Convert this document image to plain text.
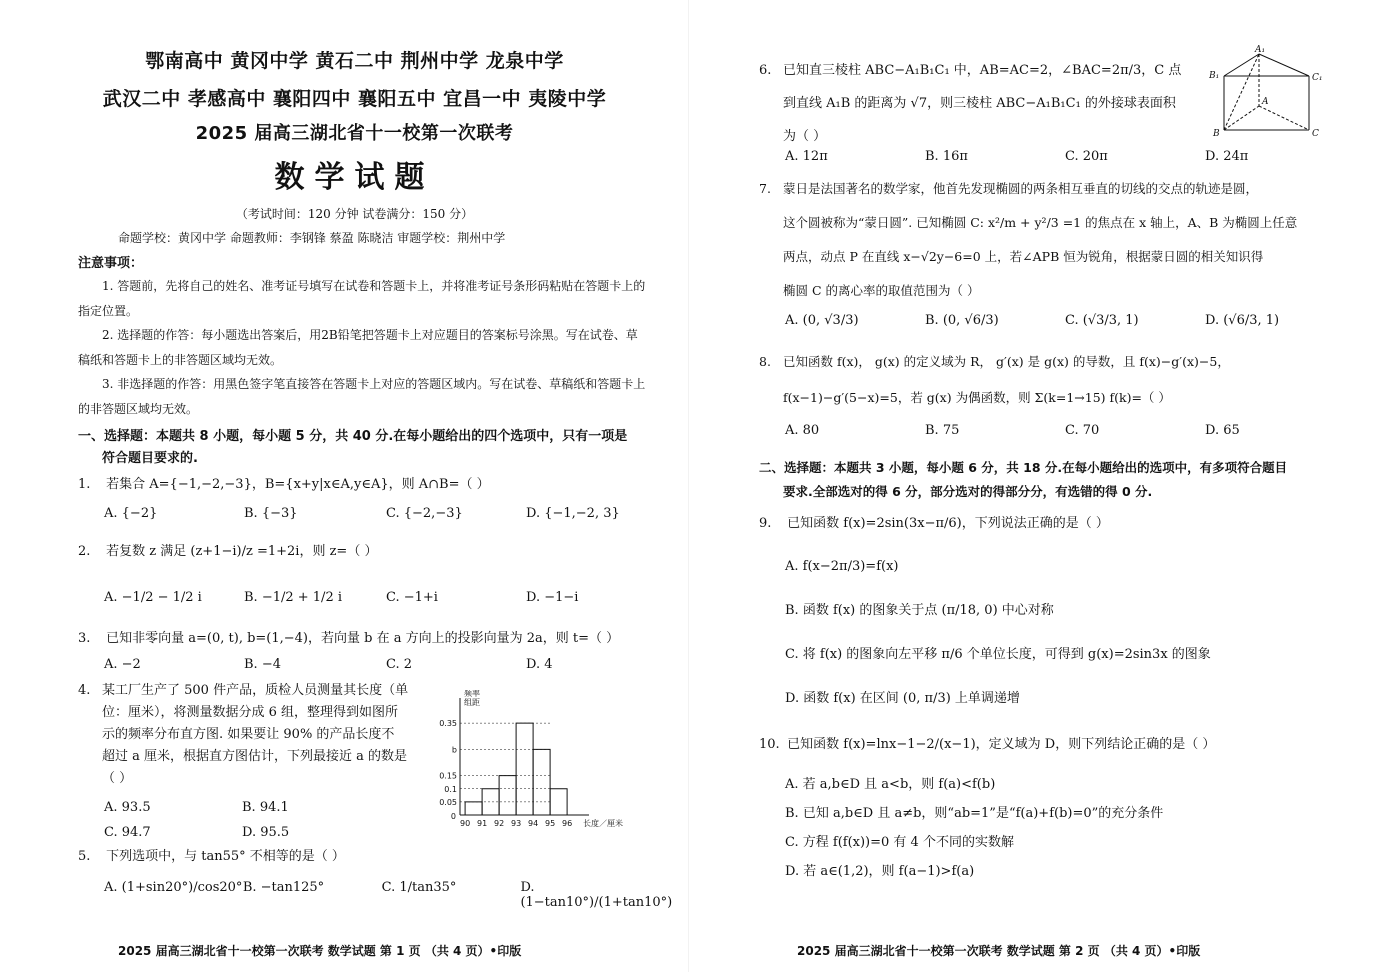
鄂南高中 黄冈中学 黄石二中 荆州中学 龙泉中学
武汉二中 孝感高中 襄阳四中 襄阳五中 宜昌一中 夷陵中学
2025 届高三湖北省十一校第一次联考
数学试题
（考试时间：120 分钟 试卷满分：150 分）
命题学校：黄冈中学 命题教师：李钢锋 蔡盈 陈晓洁 审题学校：荆州中学
注意事项：

1. 答题前，先将自己的姓名、准考证号填写在试卷和答题卡上，并将准考证号条形码粘贴在答题卡上的指定位置。

2. 选择题的作答：每小题选出答案后，用2B铅笔把答题卡上对应题目的答案标号涂黑。写在试卷、草稿纸和答题卡上的非答题区域均无效。

3. 非选择题的作答：用黑色签字笔直接答在答题卡上对应的答题区域内。写在试卷、草稿纸和答题卡上的非答题区域均无效。

一、选择题：本题共 8 小题，每小题 5 分，共 40 分.在每小题给出的四个选项中，只有一项是
符合题目要求的.
1. 若集合 A={−1,−2,−3}，B={x+y|x∈A,y∈A}，则 A∩B=（ ）
A. {−2}	B. {−3}	C. {−2,−3}	D. {−1,−2, 3}
2. 若复数 z 满足 (z+1−i)/z =1+2i，则 z=（ ）
A. −1/2 − 1/2 i	B. −1/2 + 1/2 i	C. −1+i	D. −1−i
3. 已知非零向量 a=(0, t), b=(1,−4)，若向量 b 在 a 方向上的投影向量为 2a，则 t=（ ）
A. −2	B. −4	C. 2	D. 4
4. 某工厂生产了 500 件产品，质检人员测量其长度（单
位：厘米），将测量数据分成 6 组，整理得到如图所
示的频率分布直方图. 如果要让 90% 的产品长度不
超过 a 厘米，根据直方图估计，下列最接近 a 的数是
（ ）
A. 93.5	B. 94.1
C. 94.7	D. 95.5
0
频率
组距
0.35
b
0.15
0.1
0.05
90 91 92 93 94 95 96 长度／厘米
5. 下列选项中，与 tan55° 不相等的是（ ）
A. (1+sin20°)/cos20° B. −tan125°	C. 1/tan35°	D. (1−tan10°)/(1+tan10°)
2025 届高三湖北省十一校第一次联考 数学试题 第 1 页 （共 4 页）•印版
6. 已知直三棱柱 ABC−A₁B₁C₁ 中，AB=AC=2，∠BAC=2π/3，C 点
到直线 A₁B 的距离为 √7，则三棱柱 ABC−A₁B₁C₁ 的外接球表面积
为（ ）
A₁
B₁	C₁
A
B	C
A. 12π	B. 16π	C. 20π	D. 24π
7. 蒙日是法国著名的数学家，他首先发现椭圆的两条相互垂直的切线的交点的轨迹是圆，
这个圆被称为“蒙日圆”. 已知椭圆 C: x²/m + y²/3 =1 的焦点在 x 轴上，A、B 为椭圆上任意
两点，动点 P 在直线 x−√2y−6=0 上，若∠APB 恒为锐角，根据蒙日圆的相关知识得
椭圆 C 的离心率的取值范围为（ ）
A. (0, √3/3)	B. (0, √6/3)	C. (√3/3, 1)	D. (√6/3, 1)
8. 已知函数 f(x)， g(x) 的定义域为 R， g′(x) 是 g(x) 的导数，且 f(x)−g′(x)−5，
f(x−1)−g′(5−x)=5，若 g(x) 为偶函数，则 Σ(k=1→15) f(k)=（ ）
A. 80	B. 75	C. 70	D. 65
二、选择题：本题共 3 小题，每小题 6 分，共 18 分.在每小题给出的选项中，有多项符合题目
要求.全部选对的得 6 分，部分选对的得部分分，有选错的得 0 分.
9. 已知函数 f(x)=2sin(3x−π/6)，下列说法正确的是（ ）
A. f(x−2π/3)=f(x)
B. 函数 f(x) 的图象关于点 (π/18, 0) 中心对称
C. 将 f(x) 的图象向左平移 π/6 个单位长度，可得到 g(x)=2sin3x 的图象
D. 函数 f(x) 在区间 (0, π/3) 上单调递增
10. 已知函数 f(x)=lnx−1−2/(x−1)，定义域为 D，则下列结论正确的是（ ）
A. 若 a,b∈D 且 a<b，则 f(a)<f(b)
B. 已知 a,b∈D 且 a≠b，则“ab=1”是“f(a)+f(b)=0”的充分条件
C. 方程 f(f(x))=0 有 4 个不同的实数解
D. 若 a∈(1,2)，则 f(a−1)>f(a)
2025 届高三湖北省十一校第一次联考 数学试题 第 2 页 （共 4 页）•印版
